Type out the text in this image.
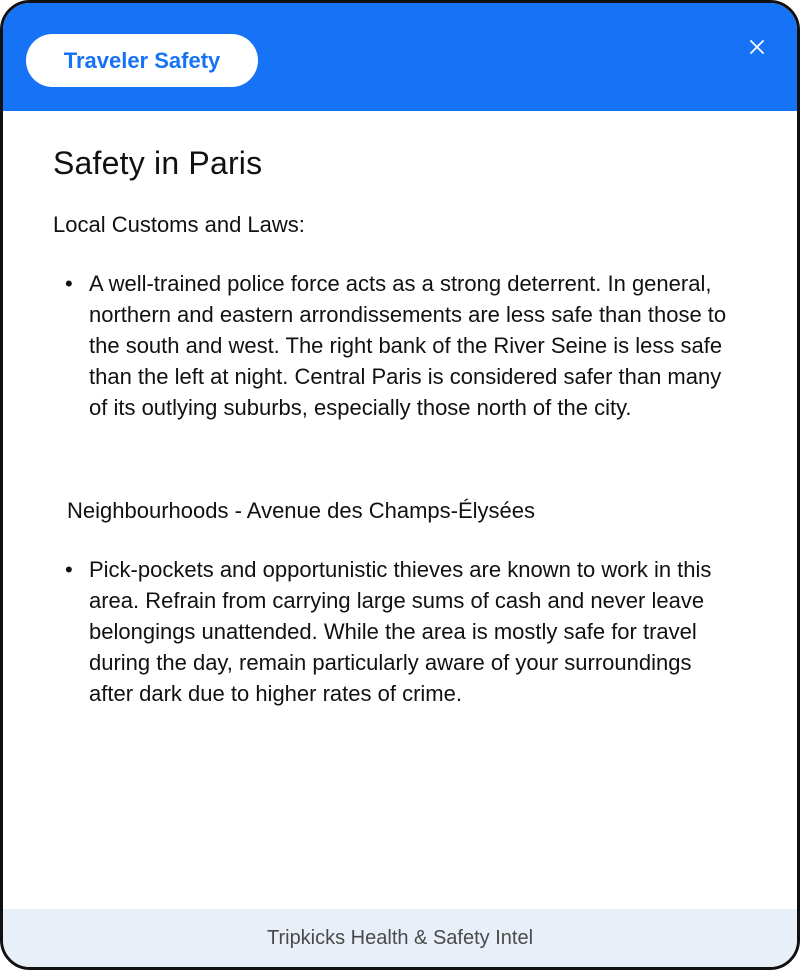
Traveler Safety
Safety in Paris
Local Customs and Laws:
• A well-trained police force acts as a strong deterrent. In general, northern and eastern arrondissements are less safe than those to the south and west. The right bank of the River Seine is less safe than the left at night. Central Paris is considered safer than many of its outlying suburbs, especially those north of the city.
Neighbourhoods - Avenue des Champs-Élysées
• Pick-pockets and opportunistic thieves are known to work in this area. Refrain from carrying large sums of cash and never leave belongings unattended. While the area is mostly safe for travel during the day, remain particularly aware of your surroundings after dark due to higher rates of crime.
Tripkicks Health & Safety Intel
